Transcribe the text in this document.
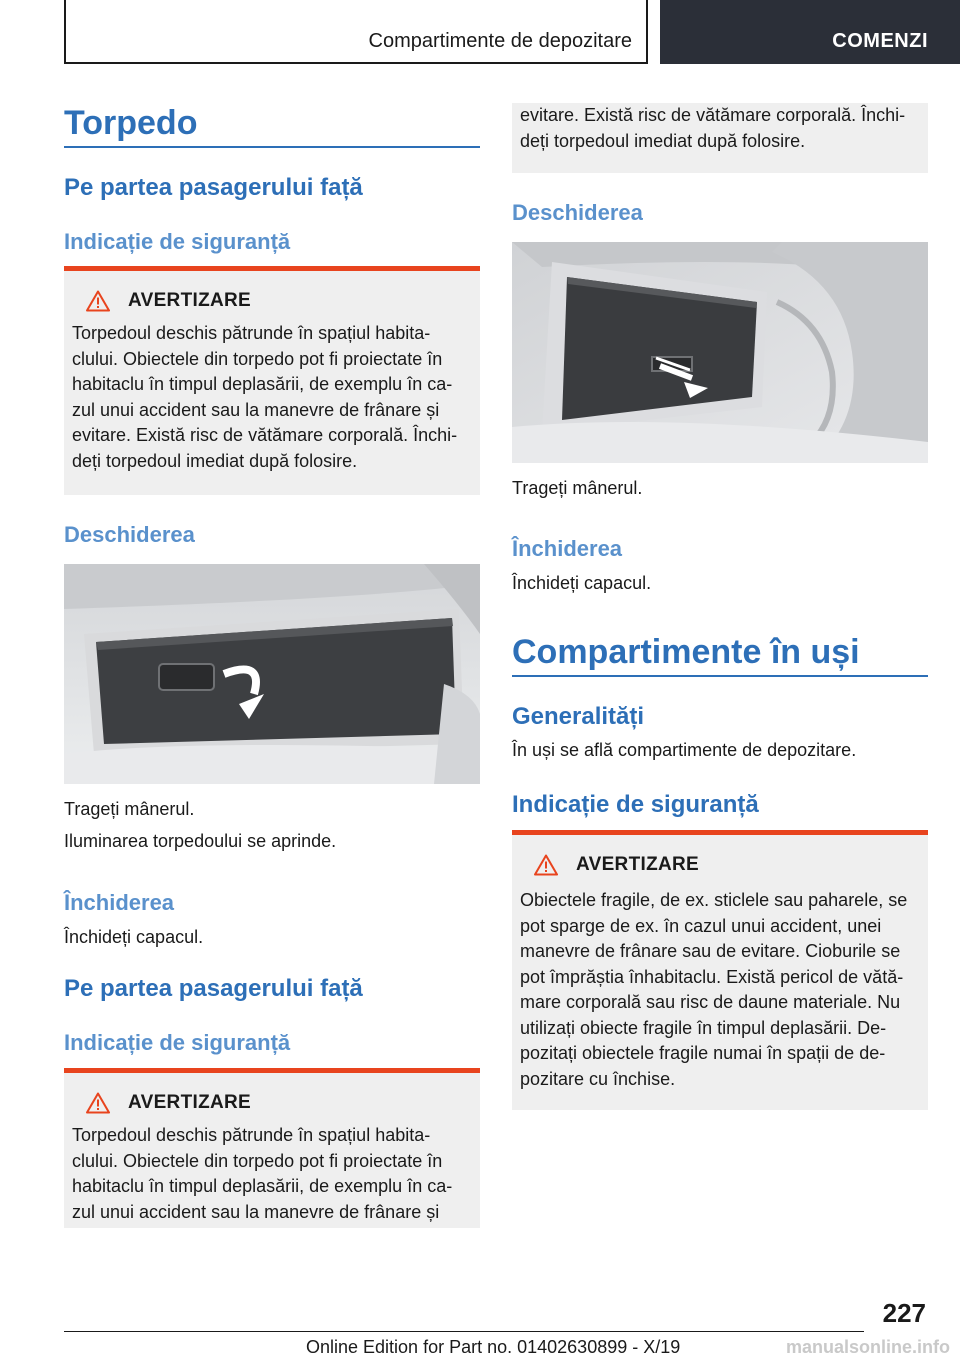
Compartimente de depozitare	COMENZI
Torpedo
Pe partea pasagerului față
Indicație de siguranță
AVERTIZARE
Torpedoul deschis pătrunde în spațiul habita-
clului. Obiectele din torpedo pot fi proiectate în
habitaclu în timpul deplasării, de exemplu în ca-
zul unui accident sau la manevre de frânare și
evitare. Există risc de vătămare corporală. Închi-
deți torpedoul imediat după folosire.
Deschiderea
Trageți mânerul.
Iluminarea torpedoului se aprinde.
Închiderea
Închideți capacul.
Pe partea pasagerului față
Indicație de siguranță
AVERTIZARE
Torpedoul deschis pătrunde în spațiul habita-
clului. Obiectele din torpedo pot fi proiectate în
habitaclu în timpul deplasării, de exemplu în ca-
zul unui accident sau la manevre de frânare și
evitare. Există risc de vătămare corporală. Închi-
deți torpedoul imediat după folosire.
Deschiderea
Trageți mânerul.
Închiderea
Închideți capacul.
Compartimente în uși
Generalități
În uși se află compartimente de depozitare.
Indicație de siguranță
AVERTIZARE
Obiectele fragile, de ex. sticlele sau paharele, se
pot sparge de ex. în cazul unui accident, unei
manevre de frânare sau de evitare. Cioburile se
pot împrăștia înhabitaclu. Există pericol de vătă-
mare corporală sau risc de daune materiale. Nu
utilizați obiecte fragile în timpul deplasării. De-
pozitați obiectele fragile numai în spații de de-
pozitare cu închise.
227
Online Edition for Part no. 01402630899 - X/19	manualsonline.info
